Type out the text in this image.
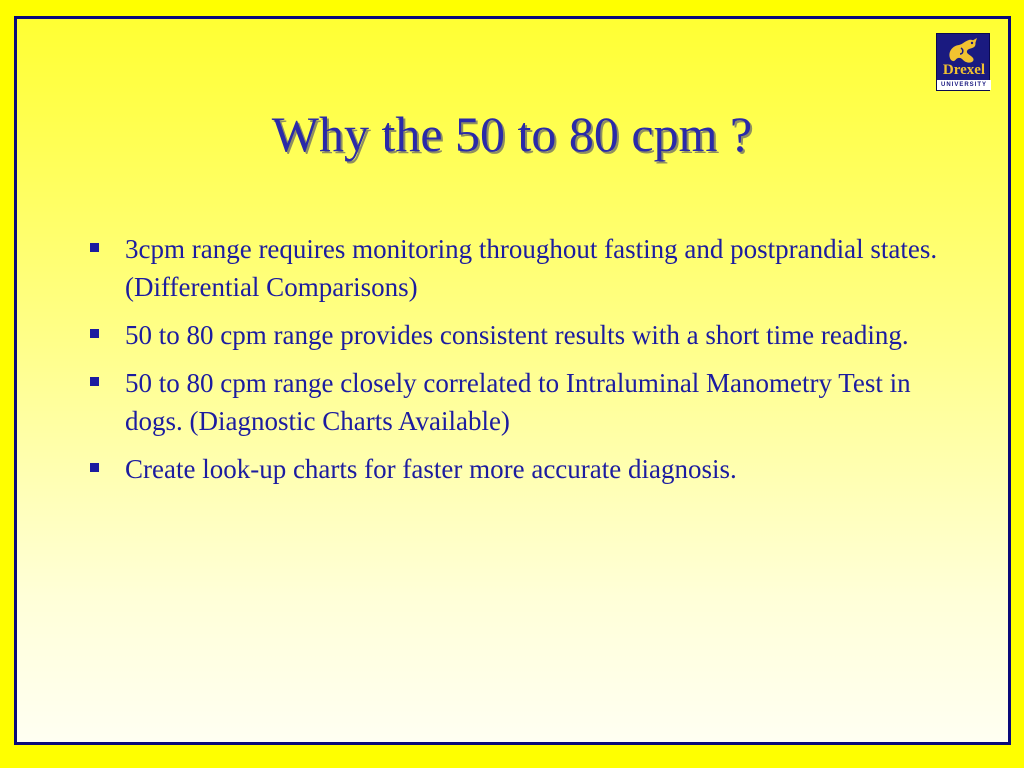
Drexel
UNIVERSITY
Why the 50 to 80 cpm ?
3cpm range requires monitoring throughout fasting and postprandial states. (Differential Comparisons)
50 to 80 cpm range provides consistent results with a short time reading.
50 to 80 cpm range closely correlated to Intraluminal Manometry Test in dogs. (Diagnostic Charts Available)
Create look-up charts for faster more accurate diagnosis.
